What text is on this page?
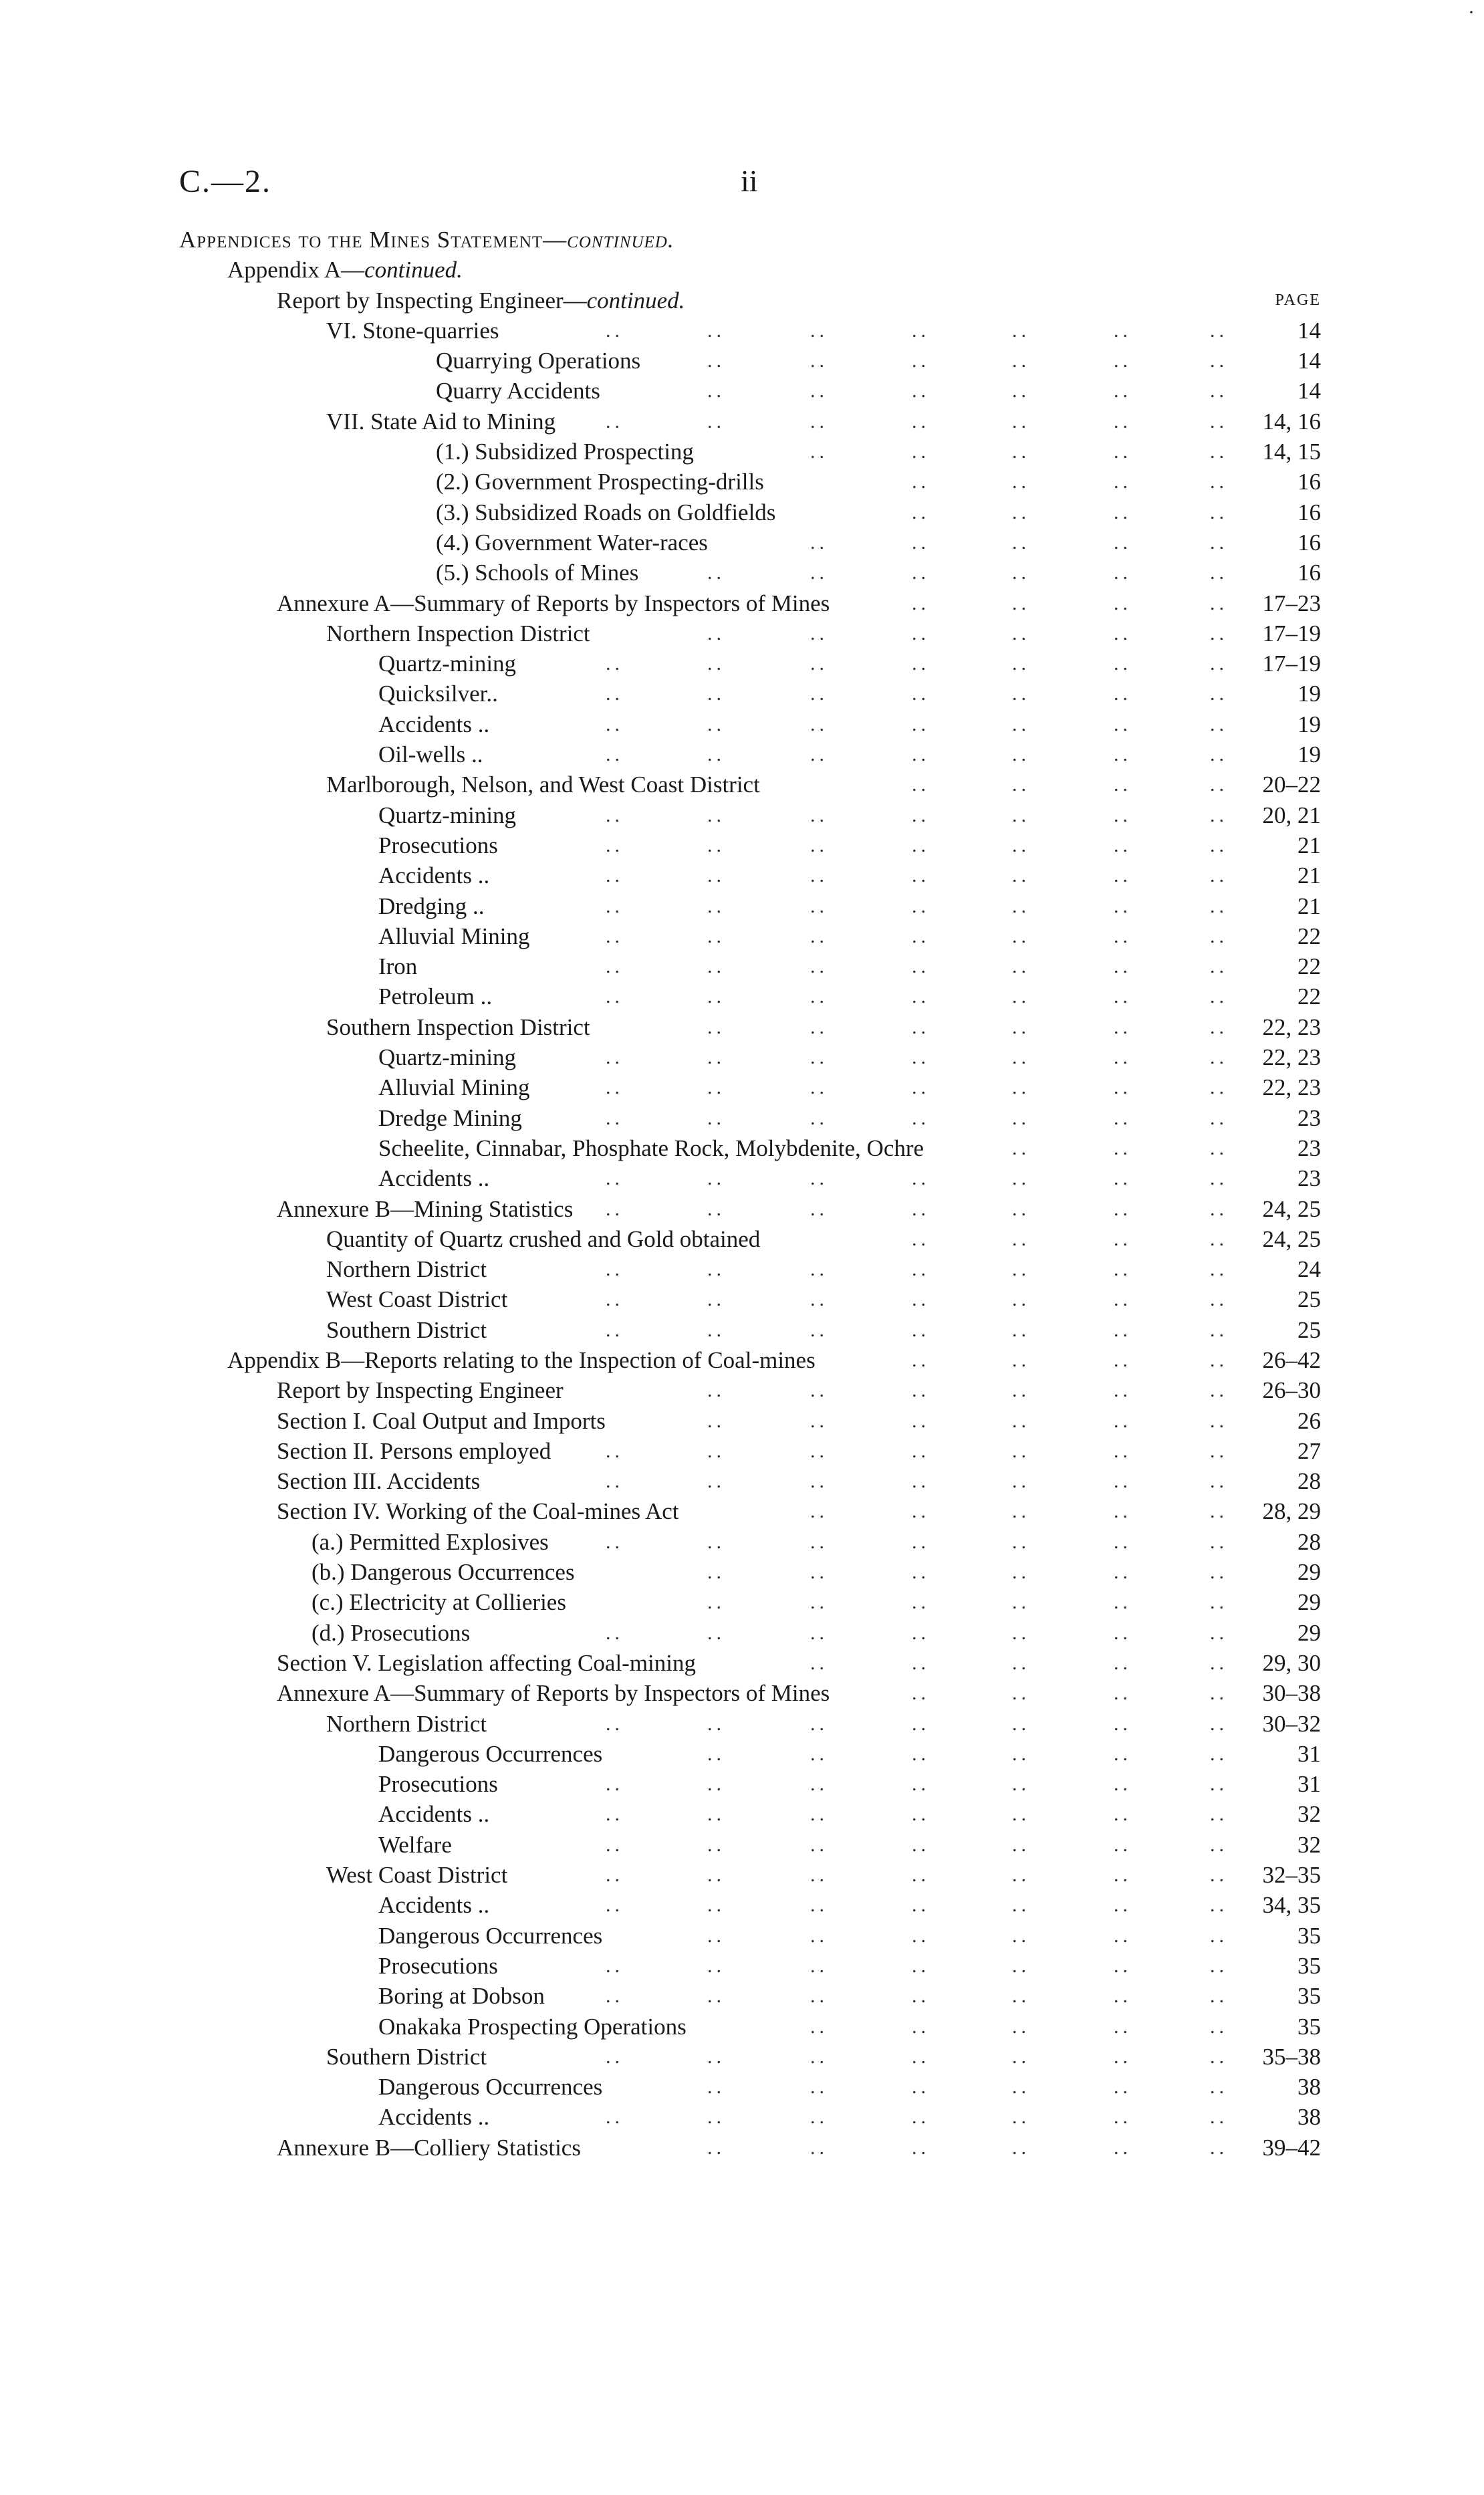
·
C.—2.	ii
Appendices to the Mines Statement—continued.
Appendix A—continued.
Report by Inspecting Engineer—continued.	PAGE
VI. Stone-quarries	..	..	..	..	..	..	..	14
Quarrying Operations	..	..	..	..	..	..	14
Quarry Accidents	..	..	..	..	..	..	14
VII. State Aid to Mining ..	..	..	..	..	..	.. 14, 16
(1.) Subsidized Prospecting	..	..	..	..	.. 14, 15
(2.) Government Prospecting-drills	..	..	..	..	16
(3.) Subsidized Roads on Goldfields	..	..	..	..	16
(4.) Government Water-races	..	..	..	..	..	16
(5.) Schools of Mines	..	..	..	..	..	..	16
Annexure A—Summary of Reports by Inspectors of Mines	..	..	..	.. 17–23
Northern Inspection District	..	..	..	..	..	.. 17–19
Quartz-mining	..	..	..	..	..	..	.. 17–19
Quicksilver..	..	..	..	..	..	..	..	19
Accidents ..	..	..	..	..	..	..	..	19
Oil-wells ..	..	..	..	..	..	..	..	19
Marlborough, Nelson, and West Coast District	..	..	..	.. 20–22
Quartz-mining	..	..	..	..	..	..	.. 20, 21
Prosecutions	..	..	..	..	..	..	..	21
Accidents ..	..	..	..	..	..	..	..	21
Dredging ..	..	..	..	..	..	..	..	21
Alluvial Mining	..	..	..	..	..	..	..	22
Iron	..	..	..	..	..	..	..	22
Petroleum ..	..	..	..	..	..	..	..	22
Southern Inspection District	..	..	..	..	..	.. 22, 23
Quartz-mining	..	..	..	..	..	..	.. 22, 23
Alluvial Mining	..	..	..	..	..	..	.. 22, 23
Dredge Mining	..	..	..	..	..	..	..	23
Scheelite, Cinnabar, Phosphate Rock, Molybdenite, Ochre	..	..	..	23
Accidents ..	..	..	..	..	..	..	..	23
Annexure B—Mining Statistics ..	..	..	..	..	..	.. 24, 25
Quantity of Quartz crushed and Gold obtained	..	..	..	.. 24, 25
Northern District	..	..	..	..	..	..	..	24
West Coast District	..	..	..	..	..	..	..	25
Southern District	..	..	..	..	..	..	..	25
Appendix B—Reports relating to the Inspection of Coal-mines	..	..	..	.. 26–42
Report by Inspecting Engineer	..	..	..	..	..	.. 26–30
Section I. Coal Output and Imports	..	..	..	..	..	..	26
Section II. Persons employed	..	..	..	..	..	..	..	27
Section III. Accidents	..	..	..	..	..	..	..	28
Section IV. Working of the Coal-mines Act	..	..	..	..	.. 28, 29
(a.) Permitted Explosives	..	..	..	..	..	..	..	28
(b.) Dangerous Occurrences	..	..	..	..	..	..	29
(c.) Electricity at Collieries	..	..	..	..	..	..	29
(d.) Prosecutions	..	..	..	..	..	..	..	29
Section V. Legislation affecting Coal-mining	..	..	..	..	.. 29, 30
Annexure A—Summary of Reports by Inspectors of Mines	..	..	..	.. 30–38
Northern District	..	..	..	..	..	..	.. 30–32
Dangerous Occurrences	..	..	..	..	..	..	31
Prosecutions	..	..	..	..	..	..	..	31
Accidents ..	..	..	..	..	..	..	..	32
Welfare	..	..	..	..	..	..	..	32
West Coast District	..	..	..	..	..	..	.. 32–35
Accidents ..	..	..	..	..	..	..	.. 34, 35
Dangerous Occurrences	..	..	..	..	..	..	35
Prosecutions	..	..	..	..	..	..	..	35
Boring at Dobson	..	..	..	..	..	..	..	35
Onakaka Prospecting Operations	..	..	..	..	..	35
Southern District	..	..	..	..	..	..	.. 35–38
Dangerous Occurrences	..	..	..	..	..	..	38
Accidents ..	..	..	..	..	..	..	..	38
Annexure B—Colliery Statistics	..	..	..	..	..	.. 39–42
